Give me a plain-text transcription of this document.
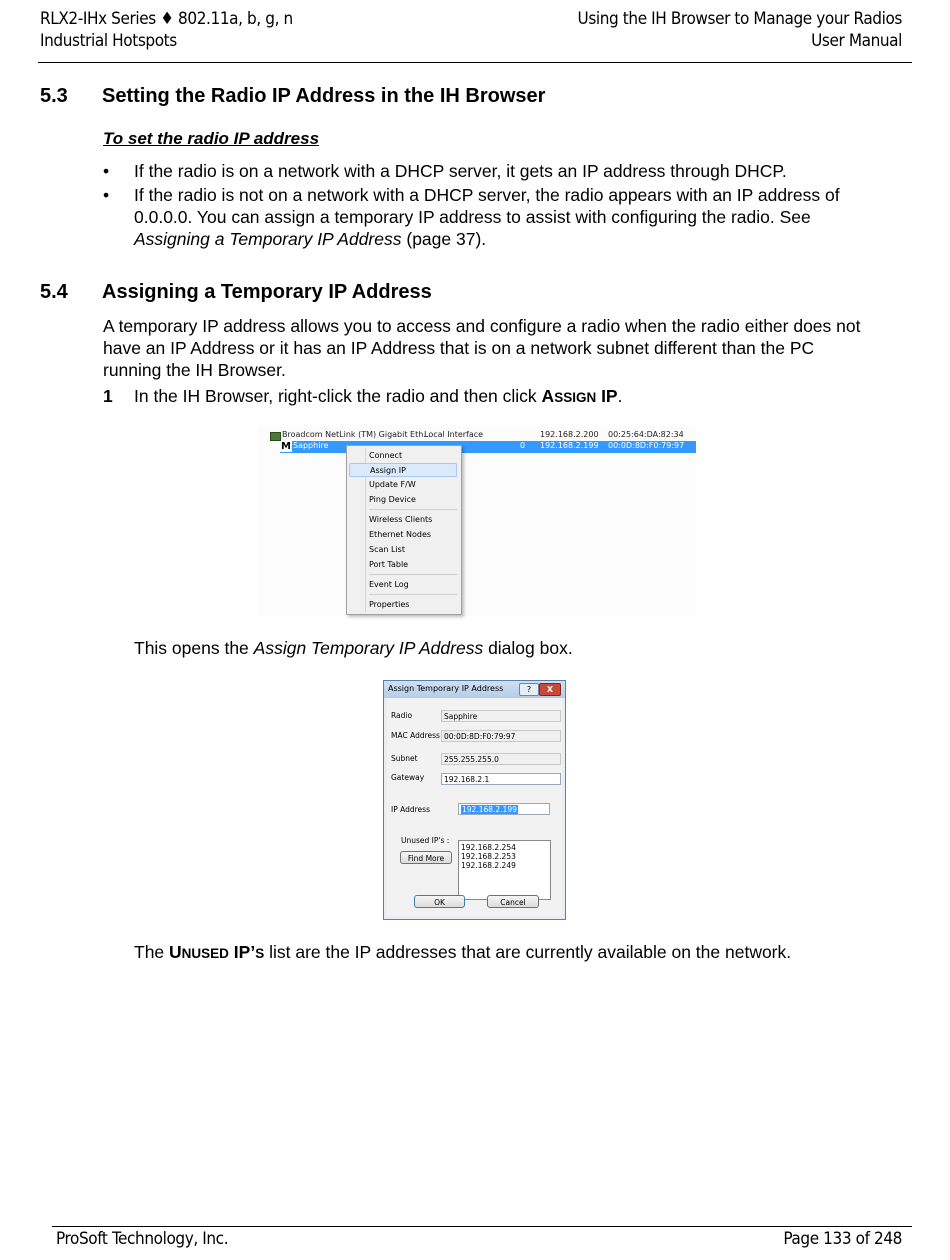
RLX2-IHx Series ♦ 802.11a, b, g, n
Industrial Hotspots
Using the IH Browser to Manage your Radios
User Manual
5.3 Setting the Radio IP Address in the IH Browser
To set the radio IP address
• If the radio is on a network with a DHCP server, it gets an IP address through DHCP.
• If the radio is not on a network with a DHCP server, the radio appears with an IP address of 0.0.0.0. You can assign a temporary IP address to assist with configuring the radio. See Assigning a Temporary IP Address (page 37).
5.4 Assigning a Temporary IP Address
A temporary IP address allows you to access and configure a radio when the radio either does not have an IP Address or it has an IP Address that is on a network subnet different than the PC running the IH Browser.
1 In the IH Browser, right-click the radio and then click ASSIGN IP.
Broadcom NetLink (TM) Gigabit Eth...
Local Interface	192.168.2.200 00:25:64:DA:82:34
M Sapphire	0 192.168.2.199 00:0D:8D:F0:79:97
Connect
Assign IP
Update F/W
Ping Device
Wireless Clients
Ethernet Nodes
Scan List
Port Table
Event Log
Properties
This opens the Assign Temporary IP Address dialog box.
Assign Temporary IP Address	?	X
Radio	Sapphire
MAC Address 00:0D:8D:F0:79:97
Subnet	255.255.255.0
Gateway	192.168.2.1
IP Address	192.168.2.199
Unused IP's :
Find More
192.168.2.254
192.168.2.253
192.168.2.249
OK	Cancel
The UNUSED IP’S list are the IP addresses that are currently available on the network.
ProSoft Technology, Inc.	Page 133 of 248
